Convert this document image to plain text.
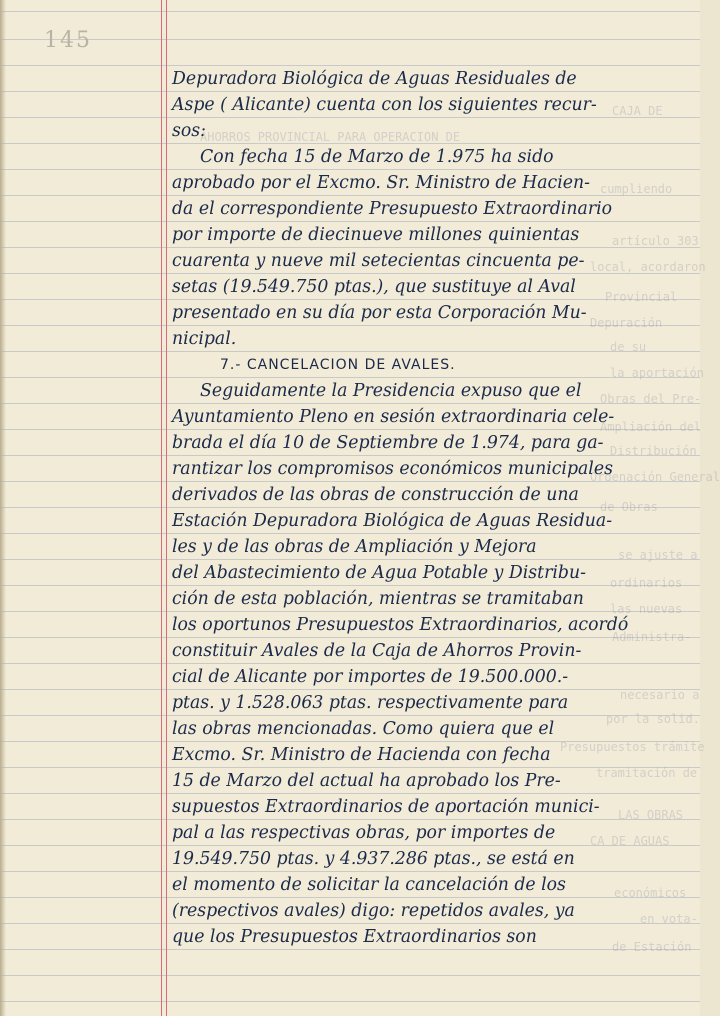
145
CAJA DE
AHORROS PROVINCIAL PARA OPERACION DE
cumpliendo
artículo 303
local, acordaron
Provincial
Depuración
de su
la aportación
Obras del Pre-
Ampliación del
Distribución
Ordenación General
de Obras
se ajuste a
ordinarios
las nuevas
Administra-
necesario a
por la solid.
Presupuestos trámite
tramitación de
LAS OBRAS
CA DE AGUAS
económicos
en vota-
de Estación
Depuradora Biológica de Aguas Residuales de
Aspe ( Alicante) cuenta con los siguientes recur-
sos:
Con fecha 15 de Marzo de 1.975 ha sido
aprobado por el Excmo. Sr. Ministro de Hacien-
da el correspondiente Presupuesto Extraordinario
por importe de diecinueve millones quinientas
cuarenta y nueve mil setecientas cincuenta pe-
setas (19.549.750 ptas.), que sustituye al Aval
presentado en su día por esta Corporación Mu-
nicipal.
7.- CANCELACION DE AVALES.
Seguidamente la Presidencia expuso que el
Ayuntamiento Pleno en sesión extraordinaria cele-
brada el día 10 de Septiembre de 1.974, para ga-
rantizar los compromisos económicos municipales
derivados de las obras de construcción de una
Estación Depuradora Biológica de Aguas Residua-
les y de las obras de Ampliación y Mejora
del Abastecimiento de Agua Potable y Distribu-
ción de esta población, mientras se tramitaban
los oportunos Presupuestos Extraordinarios, acordó
constituir Avales de la Caja de Ahorros Provin-
cial de Alicante por importes de 19.500.000.-
ptas. y 1.528.063 ptas. respectivamente para
las obras mencionadas. Como quiera que el
Excmo. Sr. Ministro de Hacienda con fecha
15 de Marzo del actual ha aprobado los Pre-
supuestos Extraordinarios de aportación munici-
pal a las respectivas obras, por importes de
19.549.750 ptas. y 4.937.286 ptas., se está en
el momento de solicitar la cancelación de los
(respectivos avales) digo: repetidos avales, ya
que los Presupuestos Extraordinarios son
